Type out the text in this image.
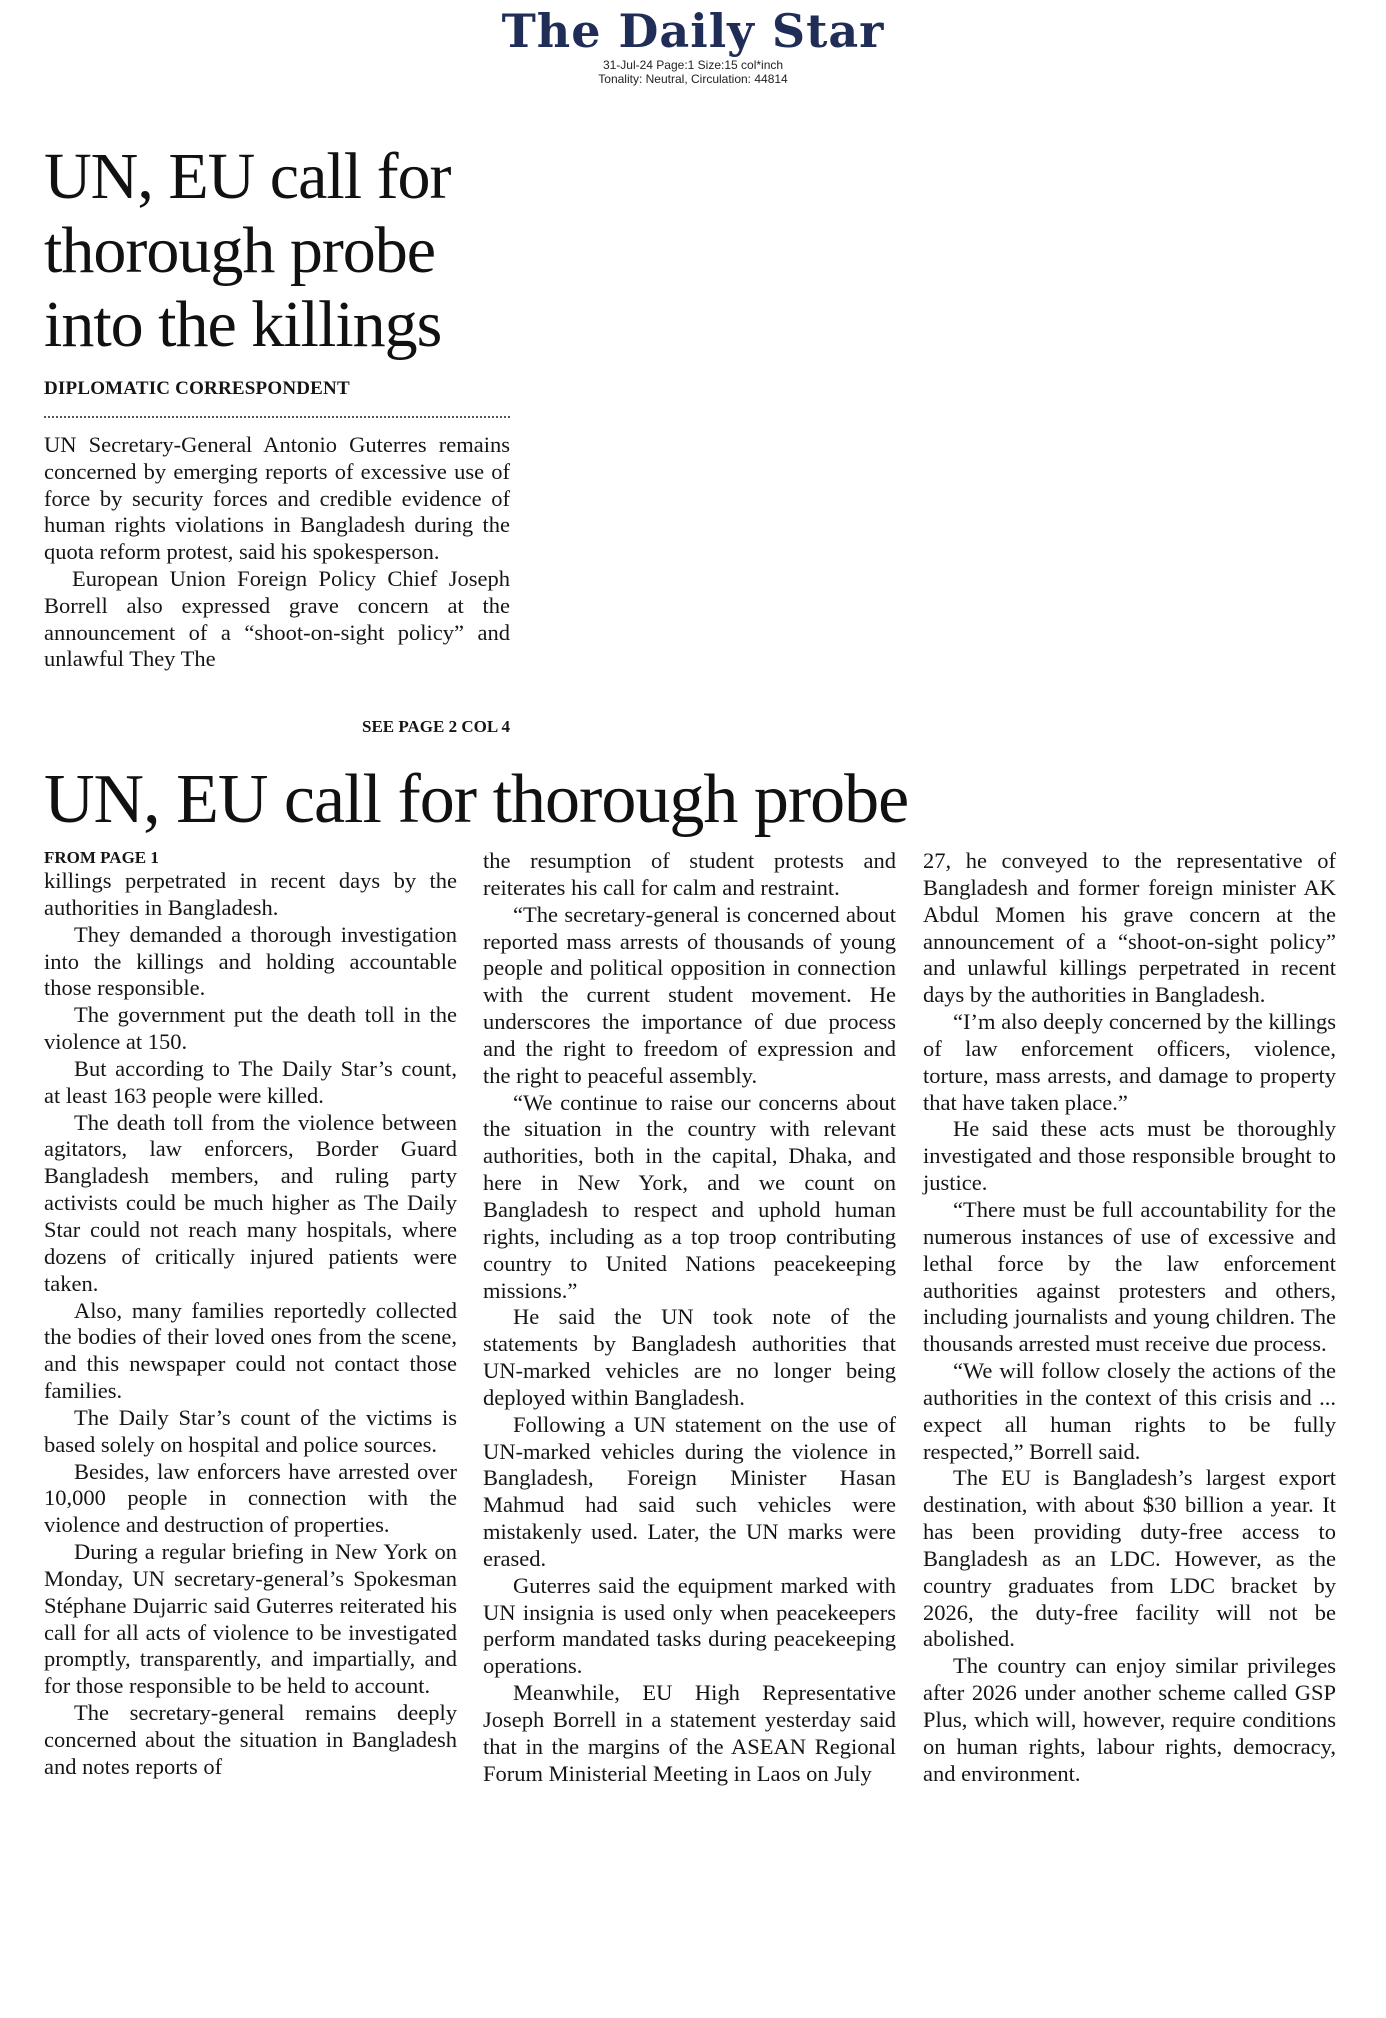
The Daily Star
31-Jul-24 Page:1 Size:15 col*inch
Tonality: Neutral, Circulation: 44814
UN, EU call for thorough probe into the killings
DIPLOMATIC CORRESPONDENT

UN Secretary-General Antonio Guterres remains concerned by emerging reports of excessive use of force by security forces and credible evidence of human rights violations in Bangladesh during the quota reform protest, said his spokesperson.

European Union Foreign Policy Chief Joseph Borrell also expressed grave concern at the announcement of a “shoot-on-sight policy” and unlawful They The

SEE PAGE 2 COL 4
UN, EU call for thorough probe
FROM PAGE 1

killings perpetrated in recent days by the authorities in Bangladesh.

They demanded a thorough investigation into the killings and holding accountable those responsible.

The government put the death toll in the violence at 150.

But according to The Daily Star’s count, at least 163 people were killed.

The death toll from the violence between agitators, law enforcers, Border Guard Bangladesh members, and ruling party activists could be much higher as The Daily Star could not reach many hospitals, where dozens of critically injured patients were taken.

Also, many families reportedly collected the bodies of their loved ones from the scene, and this newspaper could not contact those families.

The Daily Star’s count of the victims is based solely on hospital and police sources.

Besides, law enforcers have arrested over 10,000 people in connection with the violence and destruction of properties.

During a regular briefing in New York on Monday, UN secretary-general’s Spokesman Stéphane Dujarric said Guterres reiterated his call for all acts of violence to be investigated promptly, transparently, and impartially, and for those responsible to be held to account.

The secretary-general remains deeply concerned about the situation in Bangladesh and notes reports of

the resumption of student protests and reiterates his call for calm and restraint.

“The secretary-general is concerned about reported mass arrests of thousands of young people and political opposition in connection with the current student movement. He underscores the importance of due process and the right to freedom of expression and the right to peaceful assembly.

“We continue to raise our concerns about the situation in the country with relevant authorities, both in the capital, Dhaka, and here in New York, and we count on Bangladesh to respect and uphold human rights, including as a top troop contributing country to United Nations peacekeeping missions.”

He said the UN took note of the statements by Bangladesh authorities that UN-marked vehicles are no longer being deployed within Bangladesh.

Following a UN statement on the use of UN-marked vehicles during the violence in Bangladesh, Foreign Minister Hasan Mahmud had said such vehicles were mistakenly used. Later, the UN marks were erased.

Guterres said the equipment marked with UN insignia is used only when peacekeepers perform mandated tasks during peacekeeping operations.

Meanwhile, EU High Representative Joseph Borrell in a statement yesterday said that in the margins of the ASEAN Regional Forum Ministerial Meeting in Laos on July

27, he conveyed to the representative of Bangladesh and former foreign minister AK Abdul Momen his grave concern at the announcement of a “shoot-on-sight policy” and unlawful killings perpetrated in recent days by the authorities in Bangladesh.

“I’m also deeply concerned by the killings of law enforcement officers, violence, torture, mass arrests, and damage to property that have taken place.”

He said these acts must be thoroughly investigated and those responsible brought to justice.

“There must be full accountability for the numerous instances of use of excessive and lethal force by the law enforcement authorities against protesters and others, including journalists and young children. The thousands arrested must receive due process.

“We will follow closely the actions of the authorities in the context of this crisis and ... expect all human rights to be fully respected,” Borrell said.

The EU is Bangladesh’s largest export destination, with about $30 billion a year. It has been providing duty-free access to Bangladesh as an LDC. However, as the country graduates from LDC bracket by 2026, the duty-free facility will not be abolished.

The country can enjoy similar privileges after 2026 under another scheme called GSP Plus, which will, however, require conditions on human rights, labour rights, democracy, and environment.
